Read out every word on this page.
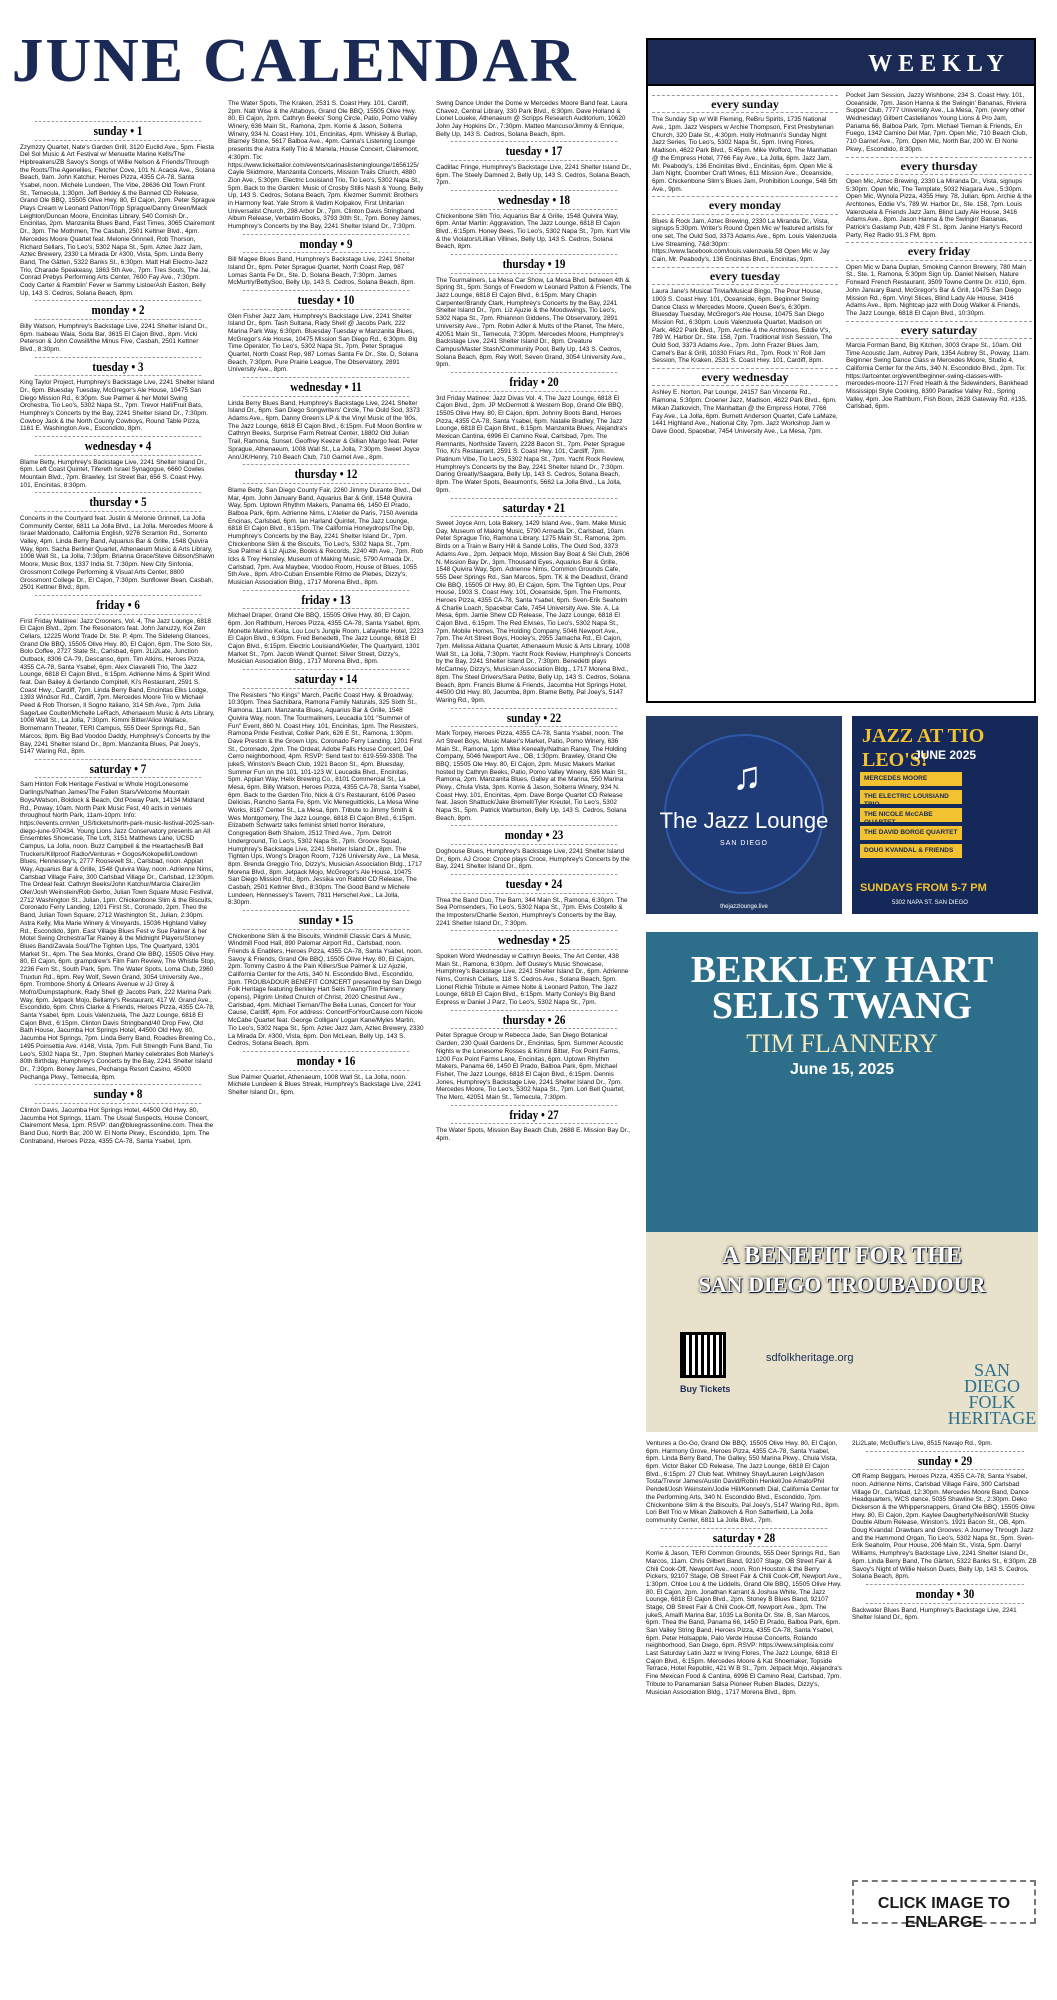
JUNE CALENDAR
sunday • 1
Zzymzzy Quartet, Nate's Garden Grill, 3120 Euclid Ave., 5pm. Fiesta Del Sol Music & Art Festival w/ Menuette Marine Kells/The Hipbreakers/ZB Savoy's Songs of Willie Nelson & Friends/Through the Roots/The Ageneliles, Fletcher Cove, 101 N. Acacia Ave., Solana Beach, 9am. John Katchur, Heroes Pizza, 4355 CA-78, Santa Ysabel, noon. Michele Lundeen, The Vibe, 28636 Old Town Front St., Temecula, 1:30pm. Jeff Berkley & the Banned CD Release, Grand Ole BBQ, 15505 Olive Hwy. 80, El Cajon, 2pm. Peter Sprague Plays Cream w Leonard Patton/Tripp Sprague/Danny Green/Mack Leighton/Duncan Moore, Encinitas Library, 540 Cornish Dr., Encinitas, 2pm. Manzanita Blues Band, Fast Times, 3065 Clairemont Dr., 3pm. The Mothmen, The Casbah, 2501 Kettner Blvd., 4pm. Mercedes Moore Quartet feat. Melonie Grinnell, Rob Thorson, Richard Sellars, Tio Leo's, 5302 Napa St., 5pm. Aztec Jazz Jam, Aztec Brewery, 2330 La Mirada Dr #300, Vista, 5pm. Linda Berry Band, The Gätten, 5322 Banks St., 6:30pm. Matt Hall Electro-Jazz Trio, Charade Speakeasy, 1863 5th Ave., 7pm. Tres Souls, The Jai, Conrad Prebys Performing Arts Center, 7600 Fay Ave., 7:30pm. Cody Carter & Ramblin' Fever w Sammy Listoe/Ash Easton, Belly Up, 143 S. Cedros, Solana Beach, 8pm.
monday • 2
Billy Watson, Humphrey's Backstage Live, 2241 Shelter Island Dr., 6pm. Isabeau Waia, Soda Bar, 3615 El Cajon Blvd., 8pm. Vicki Peterson & John Cowsill/the Minus Five, Casbah, 2501 Kettner Blvd., 8:30pm.
tuesday • 3
King Taylor Project, Humphrey's Backstage Live, 2241 Shelter Island Dr., 6pm. Bluesday Tuesday, McGregor's Ale House, 10475 San Diego Mission Rd., 6:30pm. Sue Palmer & her Motel Swing Orchestra, Tio Leo's, 5302 Napa St., 7pm. Trevor Hall/Fruit Bats, Humphrey's Concerts by the Bay, 2241 Shelter Island Dr., 7:30pm. Cowboy Jack & the North County Cowboys, Round Table Pizza, 1161 E. Washington Ave., Escondido, 8pm.
wednesday • 4
Blame Betty, Humphrey's Backstage Live, 2241 Shelter Island Dr., 6pm. Left Coast Quintet, Tifereth Israel Synagogue, 6660 Cowles Mountain Blvd., 7pm. Brawley, 1st Street Bar, 656 S. Coast Hwy. 101, Encinitas, 8:30pm.
thursday • 5
Concerts in the Courtyard feat. Justin & Melonie Grinnell, La Jolla Community Center, 6811 La Jolla Blvd., La Jolla. Mercedes Moore & Israel Maldonado, California English, 9276 Scranton Rd., Sorrento Valley, 4pm. Linda Berry Band, Aquarius Bar & Grille, 1548 Quivira Way, 6pm. Sacha Berliner Quartet, Athenaeum Music & Arts Library, 1008 Wall St., La Jolla, 7:30pm. Brianna Grace/Steve Gibson/Shawn Moore, Music Box, 1337 India St. 7:30pm. New City Sinfonia, Grossmont College Performing & Visual Arts Center, 8800 Grossmont College Dr., El Cajon, 7:30pm. Sunflower Bean, Casbah, 2501 Kettner Blvd., 8pm.
friday • 6
First Friday Matinee: Jazz Crooners, Vol. 4, The Jazz Lounge, 6818 El Cajon Blvd., 2pm. The Resonators feat. John Januzzy, Koi Zen Cellars, 12225 World Trade Dr. Ste. P, 4pm. The Sideleng Glances, Grand Ole BBQ, 15505 Olive Hwy. 80, El Cajon, 6pm. The Soto Six, Bolo Coffee, 2727 State St., Carlsbad, 6pm. 2Li2Late, Junction Outback, 8306 CA-79, Descanso, 6pm. Tim Atkins, Heroes Pizza, 4355 CA-78, Santa Ysabel, 6pm. Alex Ciavarelli Trio, The Jazz Lounge, 6818 El Cajon Blvd., 6:15pm. Adrienne Nims & Spirit Wind feat. Dan Bailey & Gerlando Compitell, Ki's Restaurant, 2591 S. Coast Hwy., Cardiff, 7pm. Linda Berry Band, Encinitas Elks Lodge, 1393 Windsor Rd., Cardiff, 7pm. Mercedes Moore Trio w Michael Peed & Rob Thorsen, Il Sogno Italiano, 314 5th Ave., 7pm. Julia Sage/Lee Coulter/Michelle LeRach, Athenaeum Music & Arts Library, 1008 Wall St., La Jolla, 7:30pm. Kimmi Bitter/Alice Wallace, Bornemann Theater, TERI Campus, 555 Deer Springs Rd., San Marcos, 8pm. Big Bad Voodoo Daddy, Humphrey's Concerts by the Bay, 2241 Shelter Island Dr., 8pm. Manzanita Blues, Pal Joey's, 5147 Waring Rd., 8pm.
saturday • 7
Sam Hinton Folk Heritage Festival w Whole Hog/Lonesome Darlings/Nathan James/The Fallen Stars/Velcome Mountain Boys/Watson, Boldock & Beach, Old Poway Park, 14134 Midland Rd., Poway, 10am. North Park Music Fest, 40 acts in venues throughout North Park, 11am-10pm. Info: https://events.crm/en_US/tickets/north-park-music-festival-2025-san-diego-june-970434. Young Lions Jazz Conservatory presents an All Ensembles Showcase, The Loft, 3151 Matthews Lane, UCSD Campus, La Jolla, noon. Buzz Campbell & the Heartaches/B Ball Truckers/Killproof Radio/Venturas + Gogos/Kokopelli/Lowdown Blues, Hennessey's, 2777 Roosevelt St., Carlsbad, noon. Appian Way, Aquarius Bar & Grille, 1548 Quivira Way, noon. Adrienne Nims, Carlsbad Village Faire, 300 Carlsbad Village Dr., Carlsbad, 12:30pm. The Ordeal feat. Cathryn Beeks/John Katchur/Marcia Claire/Jim Oler/Josh Weinstein/Rob Gerbo, Julian Town Square Music Festival, 2712 Washington St., Julian, 1pm. Chickenbone Slim & the Biscuits, Coronado Ferry Landing, 1201 First St., Coronado, 2pm. Theo the Band, Julian Town Square, 2712 Washington St., Julian, 2:30pm. Astra Kelly, Mia Marie Winery & Vineyards, 15036 Highland Valley Rd., Escondido, 3pm. East Village Blues Fest w Sue Palmer & her Motel Swing Orchestra/Tar Rainey & the Midnight Players/Stoney Blues Band/Zavala Soul/The Tighten Ups, The Quartyard, 1301 Market St., 4pm. The Sea Monks, Grand Ole BBQ, 15505 Olive Hwy. 80, El Cajon, 6pm. grampdrew's Film Fam Review, The Whistle Stop, 2236 Fern St., South Park, 5pm. The Water Spots, Loma Club, 2960 Truxtun Rd., 6pm. Rey Wolf, Seven Grand, 3054 University Ave., 6pm. Trombone Shorty & Orleans Avenue w JJ Grey & Mofro/Dumpstaphunk, Rady Shell @ Jacobs Park, 222 Marina Park Way, 6pm. Jetpack Mojo, Bellamy's Restaurant, 417 W. Grand Ave., Escondido, 6pm. Chris Clarke & Friends, Heroes Pizza, 4355 CA-78, Santa Ysabel, 6pm. Louis Valenzuela, The Jazz Lounge, 6818 El Cajon Blvd., 6:15pm. Clinton Davis Stringband/40 Drop Few, Old Bath House, Jacumba Hot Springs Hotel, 44500 Old Hwy. 80, Jacumba Hot Springs, 7pm. Linda Berry Band, Roadies Brewing Co., 1495 Poinsettia Ave. #148, Vista, 7pm. Full Strength Funk Band, Tio Leo's, 5302 Napa St., 7pm. Stephen Marley celebrates Bob Marley's 80th Birthday, Humphrey's Concerts by the Bay, 2241 Shelter Island Dr., 7:30pm. Boney James, Pechanga Resort Casino, 45000 Pechanga Pkwy., Temecula, 8pm.
sunday • 8
Clinton Davis, Jacumba Hot Springs Hotel, 44500 Old Hwy. 80, Jacumba Hot Springs, 11am. The Usual Suspects, House Concert, Clairemont Mesa, 1pm. RSVP: dan@bluegrassonline.com. Thea the Band Duo, North Bar, 200 W. El Norte Pkwy., Escondido, 1pm. The Contraband, Heroes Pizza, 4355 CA-78, Santa Ysabel, 1pm.
The Water Spots, The Kraken, 2531 S. Coast Hwy. 101, Cardiff, 2pm. Natt Wise & the Attaboys, Grand Ole BBQ, 15505 Olive Hwy. 80, El Cajon, 2pm. Cathryn Beeks' Song Circle, Patio, Pomo Valley Winery, 636 Main St., Ramona, 2pm. Korrie & Jason, Solterra Winery, 934 N. Coast Hwy. 101, Encinitas, 4pm. Whiskey & Burlap, Blarney Stone, 5617 Balboa Ave., 4pm. Carina's Listening Lounge presents the Astra Kelly Trio & Mariela, House Concert, Clairemont, 4:30pm. Tix: https://www.tickettailor.com/events/carinaslisteninglounge/1656125/ Cayle Skidmore, Manzanita Concerts, Mission Trails Church, 4880 Zion Ave., 5:30pm. Electric Louisiand Trio, Tio Leo's, 5302 Napa St., 5pm. Back to the Garden: Music of Crosby Stills Nash & Young, Belly Up, 143 S. Cedros, Solana Beach, 7pm. Klezmer Summit: Brothers in Harmony feat. Yale Strom & Vadim Kolpakov, First Unitarian Universalist Church, 298 Arbor Dr., 7pm. Clinton Davis Stringband Album Release, Verbatim Books, 3793 30th St., 7pm. Boney James, Humphrey's Concerts by the Bay, 2241 Shelter Island Dr., 7:30pm.
monday • 9
Bill Magee Blues Band, Humphrey's Backstage Live, 2241 Shelter Island Dr., 6pm. Peter Sprague Quartet, North Coast Rep, 987 Lomas Santa Fe Dr., Ste. D, Solana Beach, 7:30pm. James McMurtry/BettySoo, Belly Up, 143 S. Cedros, Solana Beach, 8pm.
tuesday • 10
Glen Fisher Jazz Jam, Humphrey's Backstage Live, 2241 Shelter Island Dr., 6pm. Tash Sultana, Rady Shell @ Jacobs Park, 222 Marina Park Way, 6:30pm. Bluesday Tuesday w Manzanita Blues, McGregor's Ale House, 10475 Mission San Diego Rd., 6:30pm. Big Time Operator, Tio Leo's, 5302 Napa St., 7pm. Peter Sprague Quartet, North Coast Rep, 987 Lomas Santa Fe Dr., Ste. D, Solana Beach, 7:30pm. Pure Prairie League, The Observatory, 2891 University Ave., 8pm.
wednesday • 11
Linda Berry Blues Band, Humphrey's Backstage Live, 2241 Shelter Island Dr., 6pm. San Diego Songwriters' Circle, The Ould Sod, 3373 Adams Ave., 6pm. Danny Green's LP & the Vinyl Music of the '80s, The Jazz Lounge, 6818 El Cajon Blvd., 6:15pm. Full Moon Bonfire w Cathryn Beeks, Surprise Farm Retreat Center, 18802 Old Julian Trail, Ramona, Sunset. Geoffrey Keezer & Gillian Margo feat. Peter Sprague, Athenaeum, 1008 Wall St., La Jolla, 7:30pm. Sweet Joyce Ann/JK/Henry, 710 Beach Club, 710 Garnet Ave., 8pm.
thursday • 12
Blame Betty, San Diego County Fair, 2260 Jimmy Durante Blvd., Del Mar, 4pm. John January Band, Aquarius Bar & Grill, 1548 Quivira Way, 5pm. Uptown Rhythm Makers, Panama 66, 1450 El Prado, Balboa Park, 6pm. Adrienne Nims, L'Atelier de Paris, 7150 Avenida Encinas, Carlsbad, 6pm. Ian Harland Quintet, The Jazz Lounge, 6818 El Cajon Blvd., 6:15pm. The California Honeydrops/The Dip, Humphrey's Concerts by the Bay, 2241 Shelter Island Dr., 7pm. Chickenbone Slim & the Biscuits, Tio Leo's, 5302 Napa St., 7pm. Sue Palmer & Liz Ajuzie, Books & Records, 2240 4th Ave., 7pm. Rob Icks & Trey Hensley, Museum of Making Music, 5790 Armada Dr., Carlsbad, 7pm. Ava Maybee, Voodoo Room, House of Blues, 1055 5th Ave., 8pm. Afro-Cuban Ensemble Ritmo de Plebes, Dizzy's, Musician Association Bldg., 1717 Morena Blvd., 8pm.
friday • 13
Michael Draper, Grand Ole BBQ, 15505 Olive Hwy. 80, El Cajon, 6pm. Jon Rathburn, Heroes Pizza, 4355 CA-78, Santa Ysabel, 6pm. Monette Marino Keita, Lou Lou's Jungle Room, Lafayette Hotel, 2223 El Cajon Blvd., 6:30pm. Fred Benedetti, The Jazz Lounge, 6818 El Cajon Blvd., 6:15pm. Electric Louisiand/Kiefer, The Quartyard, 1301 Market St., 7pm. Jacob Wendt Quintet: Silver Street, Dizzy's, Musician Association Bldg., 1717 Morena Blvd., 8pm.
saturday • 14
The Resisters "No Kings" March, Pacific Coast Hwy. & Broadway, 10:30pm. Thea Sachibara, Ramona Family Naturals, 325 Sixth St., Ramona, 11am. Manzanita Blues, Aquarius Bar & Grille, 1548 Quivira Way, noon. The Tourmaliners, Leucadia 101 "Summer of Fun" Event, 860 N. Coast Hwy. 101, Encinitas, 1pm. The Resisters, Ramona Pride Festival, Collier Park, 626 E St., Ramona, 1:30pm. Dave Preston & the Grown Ups, Coronado Ferry Landing, 1201 First St., Coronado, 2pm. The Ordeal, Adobe Falls House Concert, Del Cerro neighborhood, 4pm. RSVP: Send text to: 619-559-3308. The jukeS, Winston's Beach Club, 1921 Bacon St., 4pm. Bluesday, Summer Fun on the 101, 101-123 W. Leucadia Blvd., Encinitas, 5pm. Appian Way, Helix Brewing Co., 8101 Commercial St., La Mesa, 6pm. Billy Watson, Heroes Pizza, 4355 CA-78, Santa Ysabel, 6pm. Back to the Garden Trio, Nick & G's Restaurant, 6106 Paseo Delicias, Rancho Santa Fe, 6pm. Vic Meneguittickis, La Mesa Wine Works, 8167 Center St., La Mesa, 6pm. Tribute to Jimmy Smith & Wes Montgomery, The Jazz Lounge, 6818 El Cajon Blvd., 6:15pm. Elizabeth Schwartz talks feminist shtetl horror literature, Congregation Beth Shalom, 2512 Third Ave., 7pm. Detroit Underground, Tio Leo's, 5302 Napa St., 7pm. Groove Squad, Humphrey's Backstage Live, 2241 Shelter Island Dr., 8pm. The Tighten Ups, Wong's Dragon Room, 7126 University Ave., La Mesa, 8pm. Brenda Greggio Trio, Dizzy's, Musician Association Bldg., 1717 Morena Blvd., 8pm. Jetpack Mojo, McGregor's Ale House, 10475 San Diego Mission Rd., 8pm. Jessika von Rabbit CD Release, The Casbah, 2501 Kettner Blvd., 8:30pm. The Good Band w Michele Lundeen, Hennessey's Tavern, 7811 Herschel Ave., La Jolla, 8:30pm.
sunday • 15
Chickenbone Slim & the Biscuits, Windmill Classic Cars & Music, Windmill Food Hall, 890 Palomar Airport Rd., Carlsbad, noon. Friends & Enablers, Heroes Pizza, 4355 CA-78, Santa Ysabel, noon. Savoy & Friends, Grand Ole BBQ, 15505 Olive Hwy. 80, El Cajon, 2pm. Tommy Castro & the Pain Killers/Sue Palmer & Liz Ajuzie, California Center for the Arts, 340 N. Escondido Blvd., Escondido, 3pm. TROUBADOUR BENEFIT CONCERT presented by San Diego Folk Heritage featuring Berkley Hart Selis Twang/Tim Flannery (opens), Pilgrim United Church of Christ, 2020 Chestnut Ave., Carlsbad, 4pm. Michael Tiernan/The Bella Lunas, Concert for Your Cause, Cardiff, 4pm. For address: ConcertForYourCause.com Nicole McCabe Quartet feat. George Colligan/ Logan Kane/Myles Martin, Tio Leo's, 5302 Napa St., 5pm. Aztec Jazz Jam, Aztec Brewery, 2330 La Mirada Dr. #300, Vista, 6pm. Don McLean, Belly Up, 143 S. Cedros, Solana Beach, 8pm.
monday • 16
Sue Palmer Quartet, Athenaeum, 1008 Wall St., La Jolla, noon. Michele Lundeen & Blues Streak, Humphrey's Backstage Live, 2241 Shelter Island Dr., 6pm.
Swing Dance Under the Dome w Mercedes Moore Band feat. Laura Chavez, Central Library, 330 Park Blvd., 6:30pm. Dave Holland & Lionel Loueke, Athenaeum @ Scripps Research Auditorium, 10620 John Jay Hopkins Dr., 7:30pm. Matteo Mancuso/Jimmy & Enrique, Belly Up, 143 S. Cedros, Solana Beach, 8pm.
tuesday • 17
Cadillac Fringe, Humphrey's Backstage Live, 2241 Shelter Island Dr., 6pm. The Steely Damned 2, Belly Up, 143 S. Cedros, Solana Beach, 7pm.
wednesday • 18
Chickenbone Slim Trio, Aquarius Bar & Grille, 1548 Quivira Way, 6pm. Antar Martin: Aggravation, The Jazz Lounge, 6818 El Cajon Blvd., 6:15pm. Honey Bees, Tio Leo's, 5302 Napa St., 7pm. Kurt Vile & the Violators/Lillian Villines, Belly Up, 143 S. Cedros, Solana Beach, 8pm.
thursday • 19
The Tourmaliners, La Mesa Car Show, La Mesa Blvd. between 4th & Spring St., 5pm. Songs of Freedom w Leonard Patton & Friends, The Jazz Lounge, 6818 El Cajon Blvd., 6:15pm. Mary Chapin Carpenter/Brandy Clark, Humphrey's Concerts by the Bay, 2241 Shelter Island Dr., 7pm. Liz Ajuzie & the Moodswings, Tio Leo's, 5302 Napa St., 7pm. Rhiannon Giddens, The Observatory, 2891 University Ave., 7pm. Robin Adler & Mutts of the Planet, The Merc, 42051 Main St., Temecula, 7:30pm. Mercedes Moore, Humphrey's Backstage Live, 2241 Shelter Island Dr., 8pm. Creature Campus/Master Stash/Community Pool, Belly Up, 143 S. Cedros, Solana Beach, 8pm. Rey Wolf, Seven Grand, 3054 University Ave., 9pm.
friday • 20
3rd Friday Matinee: Jazz Divas Vol. 4, The Jazz Lounge, 6818 El Cajon Blvd., 2pm. JP McDermott & Western Bop, Grand Ole BBQ, 15505 Olive Hwy. 80, El Cajon, 6pm. Johnny Boots Band, Heroes Pizza, 4355 CA-78, Santa Ysabel, 6pm. Natalie Bradley, The Jazz Lounge, 6818 El Cajon Blvd., 6:15pm. Manzanita Blues, Alejandra's Mexican Cantina, 6996 El Camino Real, Carlsbad, 7pm. The Remnants, Northside Tavern, 2228 Bacon St., 7pm. Peter Sprague Trio, Ki's Restaurant, 2591 S. Coast Hwy. 101, Cardiff, 7pm. Platinum Vibe, Tio Leo's, 5302 Napa St., 7pm. Yacht Rock Review, Humphrey's Concerts by the Bay, 2241 Shelter Island Dr., 7:30pm. Daring Greatly/Saagara, Belly Up, 143 S. Cedros, Solana Beach, 8pm. The Water Spots, Beaumont's, 5662 La Jolla Blvd., La Jolla, 9pm.
saturday • 21
Sweet Joyce Ann, Lola Bakery, 1429 Island Ave., 9am. Make Music Day, Museum of Making Music, 5790 Armada Dr., Carlsbad, 10am. Peter Sprague Trio, Ramona Library, 1275 Main St., Ramona, 2pm. Birds on a Train w Barry Hill & Sandé Lollis, The Ould Sod, 3373 Adams Ave., 2pm. Jetpack Mojo, Mission Bay Boat & Ski Club, 2606 N. Mission Bay Dr., 3pm. Thousand Eyes, Aquarius Bar & Grille, 1548 Quivira Way, 5pm. Adrienne Nims, Common Grounds Cafe, 555 Deer Springs Rd., San Marcos, 5pm. TK & the Deadlust, Grand Ole BBQ, 15505 Ol Hwy. 80, El Cajon, 5pm. The Tighten Ups, Pour House, 1903 S. Coast Hwy. 101, Oceanside, 5pm. The Fremonts, Heroes Pizza, 4355 CA-78, Santa Ysabel, 6pm. Sven-Erik Seaholm & Charlie Loach, Spacebar Cafe, 7454 University Ave. Ste. A, La Mesa, 6pm. Jamie Shew CD Release, The Jazz Lounge, 6818 El Cajon Blvd., 6:15pm. The Red Elvises, Tio Leo's, 5302 Napa St., 7pm. Mobile Homes, The Holding Company, 5046 Newport Ave., 7pm. The Art Street Boys, Hooley's, 2955 Jamacha Rd., El Cajon, 7pm. Melissa Aldana Quartet, Athenaeum Music & Arts Library, 1008 Wall St., La Jolla, 7:30pm. Yacht Rock Review, Humphrey's Concerts by the Bay, 2241 Shelter Island Dr., 7:30pm. Benedetti plays McCartney, Dizzy's, Musician Association Bldg., 1717 Morena Blvd., 8pm. The Steel Drivers/Sara Petite, Belly Up, 143 S. Cedros, Solana Beach, 8pm. Francis Blume & Friends, Jacumba Hot Springs Hotel, 44500 Old Hwy. 80, Jacumba, 8pm. Blame Betty, Pal Joey's, 5147 Waring Rd., 9pm.
sunday • 22
Mark Torpey, Heroes Pizza, 4355 CA-78, Santa Ysabel, noon. The Art Street Boys, Music Maker's Market, Patio, Pomo Winery, 636 Main St., Ramona, 1pm. Mike Keneally/Nathan Raney, The Holding Company, 5046 Newport Ave., OB, 1:30pm. Brawley, Grand Ole BBQ, 15505 Ole Hwy. 80, El Cajon, 2pm. Music Makers Market hosted by Cathryn Beeks, Patio, Pomo Valley Winery, 636 Main St., Ramona, 2pm. Manzanita Blues, Galley at the Marina, 550 Marina Pkwy., Chula Vista, 3pm. Korrie & Jason, Solterra Winery, 934 N. Coast Hwy. 101, Encinitas, 4pm. Dave Borge Quartet CD Release feat. Jason Shattuck/Jake Bremell/Tyler Kreutel, Tio Leo's, 5302 Napa St., 5pm. Patrick Warburton, Belly Up, 143 S. Cedros, Solana Beach, 8pm.
monday • 23
Doghouse Blues, Humphrey's Backstage Live, 2241 Shelter Island Dr., 6pm. AJ Croce: Croce plays Croce, Humphrey's Concerts by the Bay, 2241 Shelter Island Dr., 8pm.
tuesday • 24
Thea the Band Duo, The Barn, 344 Main St., Ramona, 6:30pm. The Sea Pornsenders, Tio Leo's, 5302 Napa St., 7pm. Elvis Costello & the Imposters/Charlie Sexton, Humphrey's Concerts by the Bay, 2241 Shelter Island Dr., 7:30pm.
wednesday • 25
Spoken Word Wednesday w Cathryn Beeks, The Art Center, 438 Main St., Ramona, 6:30pm. Jeff Ousley's Music Showcase, Humphrey's Backstage Live, 2241 Shelter Island Dr., 6pm. Adrienne Nims, Cornish Cellars, 118 S. Cedros Ave., Solana Beach, 5pm. Lionel Richie Tribute w Aimee Nolte & Leonard Patton, The Jazz Lounge, 6818 El Cajon Blvd., 6:15pm. Marty Conley's Big Band Express w Daniel J Parz, Tio Leo's, 5302 Napa St., 7pm.
thursday • 26
Peter Sprague Group w Rebecca Jade, San Diego Botanical Garden, 230 Quail Gardens Dr., Encinitas, 5pm. Summer Acoustic Nights w the Lonesome Rosses & Kimmi Bitter, Fox Point Farms, 1200 Fox Point Farms Lane, Encinitas, 6pm. Uptown Rhythm Makers, Panama 66, 1450 El Prado, Balboa Park, 6pm. Michael Fisher, The Jazz Lounge, 6818 El Cajon Blvd., 6:15pm. Dennis Jones, Humphrey's Backstage Live, 2241 Shelter Island Dr., 7pm. Mercedes Moore, Tio Leo's, 5302 Napa St., 7pm. Lori Bell Quartet, The Merc, 42051 Main St., Temecula, 7:30pm.
friday • 27
The Water Spots, Mission Bay Beach Club, 2688 E. Mission Bay Dr., 4pm.
WEEKLY
every sunday
The Sunday Sip w/ Will Fleming, ReBru Spirits, 1735 National Ave., 1pm. Jazz Vespers w Archie Thompson, First Presbyterian Church, 320 Date St., 4:30pm. Holly Hofmann's Sunday Night Jazz Series, Tio Leo's, 5302 Napa St., 5pm. Irving Flores, Madison, 4622 Park Blvd., 5:45pm. Mike Wofford, The Manhattan @ the Empress Hotel, 7766 Fay Ave., La Jolla, 6pm. Jazz Jam, Mr. Peabody's, 136 Encinitas Blvd., Encinitas, 6pm. Open Mic & Jam Night, Coomber Craft Wines, 611 Mission Ave., Oceanside, 6pm. Chickenbone Slim's Blues Jam, Prohibition Lounge, 548 5th Ave., 9pm.
every monday
Blues & Rock Jam, Aztec Brewing, 2330 La Miranda Dr., Vista, signups 5:30pm. Writer's Round Open Mic w/ featured artists for one set, The Ould Sod, 3373 Adams Ave., 6pm. Louis Valenzuela Live Streaming, 7&8:30pm: https://www.facebook.com/louis.valenzuela.58 Open Mic w Jay Cain, Mr. Peabody's, 136 Encinitas Blvd., Encinitas, 9pm.
every tuesday
Laura Jane's Musical Trivia/Musical Bingo, The Pour House, 1903 S. Coast Hwy. 101, Oceanside, 6pm. Beginner Swing Dance Class w Mercedes Moore, Queen Bee's, 6:30pm. Bluesday Tuesday, McGregor's Ale House, 10475 San Diego Mission Rd., 6:30pm. Louis Valenzuela Quartet, Madison on Park, 4622 Park Blvd., 7pm. Archie & the Archtones, Eddie V's, 789 W. Harbor Dr., Ste. 158, 7pm. Traditional Irish Session, The Ould Sod, 3373 Adams Ave., 7pm. John Frazer Blues Jam, Camel's Bar & Grill, 10330 Friars Rd., 7pm. Rock 'n' Roll Jam Session, The Kraken, 2531 S. Coast Hwy. 101, Cardiff, 8pm.
every wednesday
Ashley E. Norton, Par Lounge, 24157 San Vincente Rd., Ramona, 5:30pm. Croener Jazz, Madison, 4622 Park Blvd., 6pm. Mikan Zlatkovich, The Manhattan @ the Empress Hotel, 7766 Fay Ave., La Jolla, 6pm. Burnett Anderson Quartet, Cafe LaMaze, 1441 Highland Ave., National City, 7pm. Jazz Workshop Jam w Dave Good, Spacebar, 7454 University Ave., La Mesa, 7pm.
Pocket Jam Session, Jazzy Wishbone, 234 S. Coast Hwy. 101, Oceanside, 7pm. Jason Hanna & the Swingin' Bananas, Riviera Supper Club, 7777 University Ave., La Mesa, 7pm. (every other Wednesday) Gilbert Castellanos Young Lions & Pro Jam, Panama 66, Balboa Park, 7pm. Michael Tiernan & Friends, En Fuego, 1342 Camino Del Mar, 7pm. Open Mic, 710 Beach Club, 710 Garnet Ave., 7pm. Open Mic, North Bar, 200 W. El Norte Pkwy., Escondido, 8:30pm.
every thursday
Open Mic, Aztec Brewing, 2330 La Miranda Dr., Vista, signups 5:30pm. Open Mic, The Template, 5032 Niagara Ave., 5:30pm. Open Mic, Wynola Pizza, 4355 Hwy. 78, Julian, 6pm. Archie & the Archtones, Eddie V's, 789 W. Harbor Dr., Ste. 158, 7pm. Louis Valenzuela & Friends Jazz Jam, Blind Lady Ale House, 3416 Adams Ave., 8pm. Jason Hanna & the Swingin' Bananas, Patrick's Gaslamp Pub, 428 F St., 8pm. Janine Harty's Record Party, Rez Radio 91.3 FM, 8pm.
every friday
Open Mic w Dana Duplan, Smoking Cannon Brewery, 780 Main St., Ste. 1, Ramona, 5:30pm Sign Up. Daniel Nielsen, Nature Forward French Restaurant, 3509 Towne Centre Dr. #110, 6pm. John January Band, McGregor's Bar & Grill, 10475 San Diego Mission Rd., 6pm. Vinyl Slices, Blind Lady Ale House, 3416 Adams Ave., 8pm. Nightcap jazz with Doug Walker & Friends, The Jazz Lounge, 6818 El Cajon Blvd., 10:30pm.
every saturday
Marcia Forman Band, Big Kitchen, 3003 Grape St., 10am. Old Time Acoustic Jam, Aubrey Park, 1354 Aubrey St., Poway, 11am. Beginner Swing Dance Class w Mercedes Moore, Studio 4, California Center for the Arts, 340 N. Escondido Blvd., 2pm. Tix: https://artcenter.org/event/beginner-swing-classes-with-mercedes-moore-117/ Fred Heath & the Sidewinders, Bankhead Mississippi Style Cooking, 8300 Paradise Valley Rd., Spring Valley, 4pm. Joe Rathburn, Fish Boon, 2628 Gateway Rd. #135, Carlsbad, 6pm.
♫
The Jazz Lounge
SAN DIEGO
thejazzlounge.live
JAZZ AT TIO LEO'S!
JUNE 2025
MERCEDES MOORE
THE ELECTRIC LOUISIAND TRIO
THE NICOLE McCABE QUARTET
THE DAVID BORGE QUARTET
DOUG KVANDAL & FRIENDS
SUNDAYS FROM 5-7 PM
5302 NAPA ST. SAN DIEGO
BERKLEY HART
SELIS TWANG
TIM FLANNERY
June 15, 2025
A BENEFIT FOR THE
SAN DIEGO TROUBADOUR
Buy Tickets
sdfolkheritage.org
SAN DIEGO FOLK HERITAGE
Ventures a Go-Go, Grand Ole BBQ, 15505 Olive Hwy. 80, El Cajon, 6pm. Harmony Grove, Heroes Pizza, 4355 CA-78, Santa Ysabel, 6pm. Linda Berry Band, The Galley, 550 Marina Pkwy., Chula Vista, 6pm. Victor Baker CD Release, The Jazz Lounge, 6818 El Cajon Blvd., 6:15pm. 27 Club feat. Whitney Shay/Lauren Leigh/Jason Tosta/Trevor James/Austin David/Robin Henkel/Joe Amato/Phil Pendell/Josh Weinstein/Jodie Hill/Kenneth Dial, California Center for the Performing Arts, 340 N. Escondido Blvd., Escondido, 7pm. Chickenbone Slim & the Biscuits, Pal Joey's, 5147 Waring Rd., 8pm. Lori Bell Trio w Mikan Zlatkovich & Ron Satterfield, La Jolla community Center, 6811 La Jolla Blvd., 7pm.
saturday • 28
Korrie & Jason, TERI Common Grounds, 555 Deer Springs Rd., San Marcos, 11am. Chris Gilbert Band, 92107 Stage, OB Street Fair & Chili Cook-Off, Newport Ave., noon. Ron Houston & the Berry Pickers, 92107 Stage, OB Street Fair & Chili Cook-Off, Newport Ave., 1:30pm. Chloe Lou & the Liddells, Grand Ole BBQ, 15505 Olive Hwy. 80, El Cajon, 2pm. Jonathan Karrant & Joshua White, The Jazz Lounge, 6818 El Cajon Blvd., 2pm. Stoney B Blues Band, 92107 Stage, OB Street Fair & Chili Cook-Off, Newport Ave., 3pm. The jukeS, Amalfi Marina Bar, 1035 La Bonita Dr. Ste. B, San Marcos, 6pm. Thea the Band, Panama 66, 1450 El Prado, Balboa Park, 6pm. San Valley String Band, Heroes Pizza, 4355 CA-78, Santa Ysabel, 6pm. Peter Holsapple, Palo Verde House Concerts, Rolando neighborhood, San Diego, 6pm. RSVP: https://www.simplisia.com/ Last Saturday Latin Jazz w Irving Flores, The Jazz Lounge, 6818 El Cajon Blvd., 6:15pm. Mercedes Moore & Kat Shoemaker, Topside Terrace, Hotel Republic, 421 W B St., 7pm. Jetpack Mojo, Alejandra's Fine Mexican Food & Cantina, 6996 El Camino Real, Carlsbad, 7pm. Tribute to Panamanian Salsa Pioneer Ruben Blades, Dizzy's, Musician Association Bldg., 1717 Morena Blvd., 8pm.
2Li2Late, McGuffie's Live, 8515 Navajo Rd., 9pm.
sunday • 29
Off Ramp Beggars, Heroes Pizza, 4355 CA-78, Santa Ysabel, noon. Adrienne Nims, Carlsbad Village Faire, 300 Carlsbad Village Dr., Carlsbad, 12:30pm. Mercedes Moore Band, Dance Headquarters, WCS dance, 5035 Shawline St., 2:30pm. Deko Dickerson & the Whippersnappers, Grand Ole BBQ, 15505 Olive Hwy. 80, El Cajon, 2pm. Kaylee Daugherty/Neilson/Will Stucky Double Album Release, Winston's, 1921 Bacon St., OB, 4pm. Doug Kvandal: Drawbars and Grooves: A Journey Through Jazz and the Hammond Organ, Tio Leo's, 5302 Napa St., 5pm. Sven-Erik Seaholm, Pour House, 206 Main St., Vista, 5pm. Darryl Williams, Humphrey's Backstage Live, 2241 Shelter Island Dr., 6pm. Linda Berry Band, The Gärten, 5322 Banks St., 6:30pm. ZB Savoy's Night of Willie Nelson Duets, Belly Up, 143 S. Cedros, Solana Beach, 8pm.
monday • 30
Backwater Blues Band, Humphrey's Backstage Live, 2241 Shelter Island Dr., 6pm.
CLICK IMAGE TO ENLARGE
